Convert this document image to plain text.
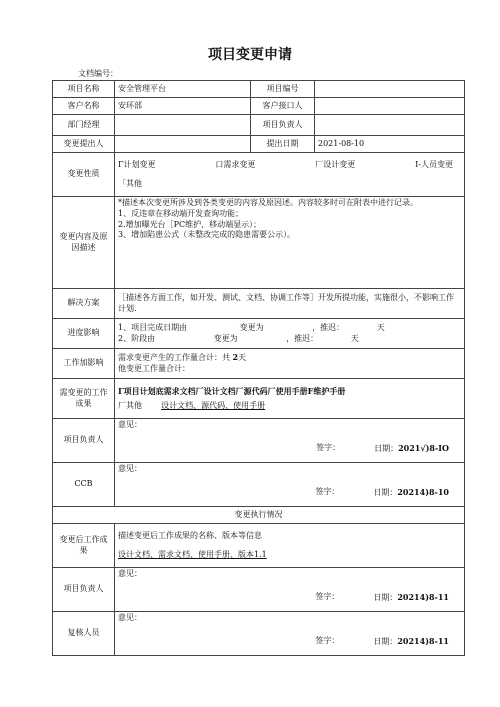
项目变更申请
文档编号：
项目名称	安全管理平台	项目编号	
客户名称	安环部	客户接口人	
部门经理		项目负责人	
变更提出人		提出日期	2021-08-10
变更性质	Γ计划变更 口需求变更 厂设计变更 I-人员变更
「其他		

变更内容及原因描述	*描述本次变更所涉及到各类变更的内容及原因述。内容较多时可在附表中进行记录。
1、反违章在移动端开发查询功能；
2.增加曝光台［PC维护，移动端显示）；
3、增加陷患公式（未整改完成的隐患需要公示）。		

解决方案	［描述各方面工作，如开发、测试、文档、协调工作等］开发所提功能，实施很小，不影响工作计划.		
进度影响	1、项目完成日期由 变更为 ，推迟： 天
2、阶段由 变更为 ，推迟： 天		

工作加影响	需求变更产生的工作量合计：共 2天
他变更工作量合计：		

需变更的工作成果	Γ项目计划底需求文档厂设计文档厂源代码厂使用手册F维护手册
厂其他 设计文档、源代码、使用手册		

项目负责人	意见：
签字： 日期：2021√)8-IO		

CCB	意见：
签字： 日期：20214)8-10		

变更执行情况			
变更后工作成果	描述变更后工作成果的名称、版本等信息
设计文档、需求文档、使用手册、版本1.1		

项目负责人	意见：
签字： 日期：20214)8-11		

复核人员	意见：
签字： 日期：20214)8-11		
